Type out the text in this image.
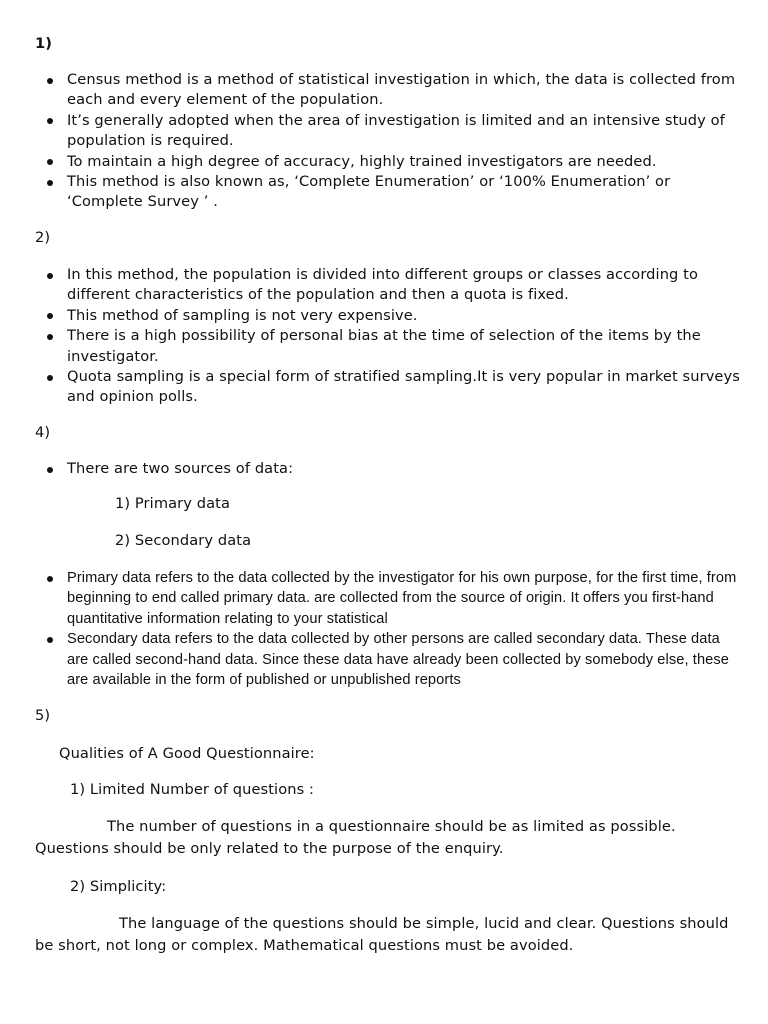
1)

Census method is a method of statistical investigation in which, the data is collected from each and every element of the population.
It’s generally adopted when the area of investigation is limited and an intensive study of population is required.
To maintain a high degree of accuracy, highly trained investigators are needed.
This method is also known as, ‘Complete Enumeration’ or ‘100% Enumeration’ or ‘Complete Survey ’ .

2)

In this method, the population is divided into different groups or classes according to different characteristics of the population and then a quota is fixed.
This method of sampling is not very expensive.
There is a high possibility of personal bias at the time of selection of the items by the investigator.
Quota sampling is a special form of stratified sampling.It is very popular in market surveys and opinion polls.

4)

There are two sources of data:

1) Primary data

2) Secondary data

Primary data refers to the data collected by the investigator for his own purpose, for the first time, from beginning to end called primary data. are collected from the source of origin. It offers you first-hand quantitative information relating to your statistical
Secondary data refers to the data collected by other persons are called secondary data. These data are called second-hand data. Since these data have already been collected by somebody else, these are available in the form of published or unpublished reports

5)

Qualities of A Good Questionnaire:

1) Limited Number of questions :

The number of questions in a questionnaire should be as limited as possible. Questions should be only related to the purpose of the enquiry.

2) Simplicity:

The language of the questions should be simple, lucid and clear. Questions should be short, not long or complex. Mathematical questions must be avoided.
